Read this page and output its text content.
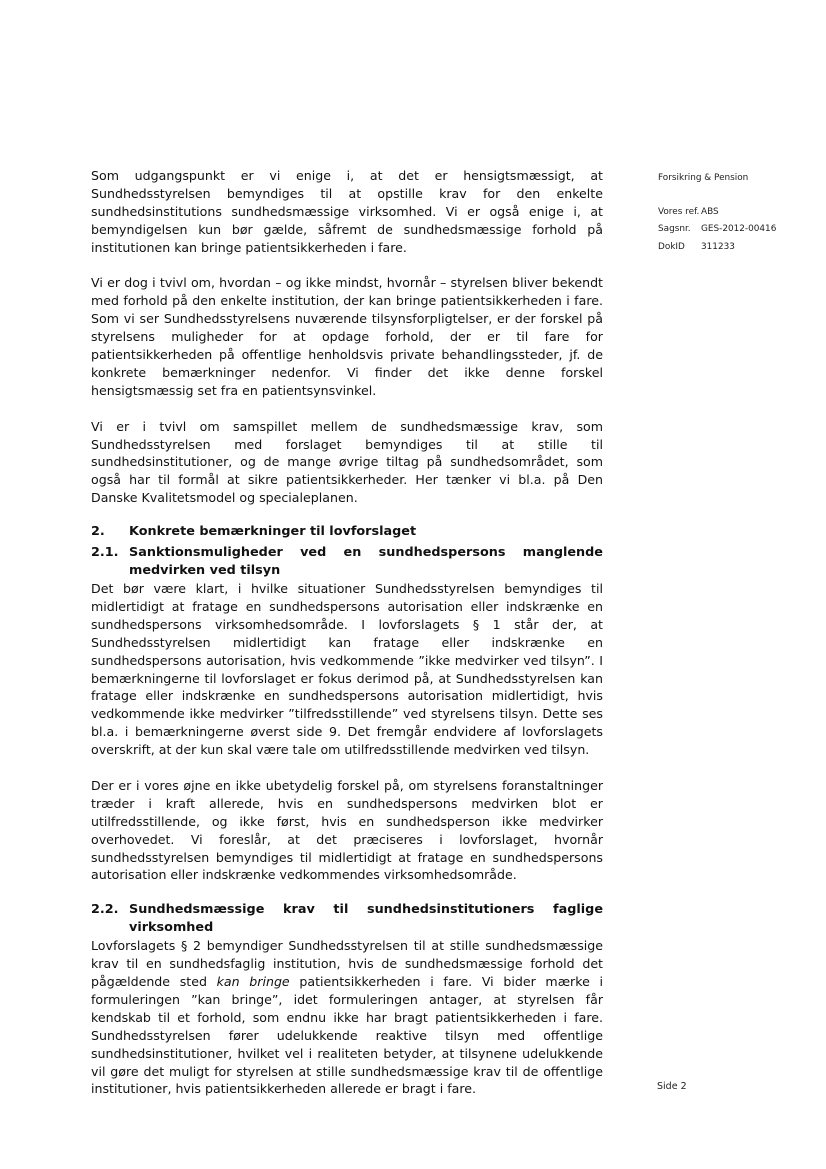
Som udgangspunkt er vi enige i, at det er hensigtsmæssigt, at Sundhedsstyrelsen bemyndiges til at opstille krav for den enkelte sundhedsinstitutions sundhedsmæssige virksomhed. Vi er også enige i, at bemyndigelsen kun bør gælde, såfremt de sundhedsmæssige forhold på institutionen kan bringe patientsikkerheden i fare.

Vi er dog i tvivl om, hvordan – og ikke mindst, hvornår – styrelsen bliver bekendt med forhold på den enkelte institution, der kan bringe patientsikkerheden i fare. Som vi ser Sundhedsstyrelsens nuværende tilsynsforpligtelser, er der forskel på styrelsens muligheder for at opdage forhold, der er til fare for patientsikkerheden på offentlige henholdsvis private behandlingssteder, jf. de konkrete bemærkninger nedenfor. Vi finder det ikke denne forskel hensigtsmæssig set fra en patientsynsvinkel.

Vi er i tvivl om samspillet mellem de sundhedsmæssige krav, som Sundhedsstyrelsen med forslaget bemyndiges til at stille til sundhedsinstitutioner, og de mange øvrige tiltag på sundhedsområdet, som også har til formål at sikre patientsikkerheder. Her tænker vi bl.a. på Den Danske Kvalitetsmodel og specialeplanen.

2.	Konkrete bemærkninger til lovforslaget
2.1. Sanktionsmuligheder ved en sundhedspersons manglende medvirken ved tilsyn

Det bør være klart, i hvilke situationer Sundhedsstyrelsen bemyndiges til midlertidigt at fratage en sundhedspersons autorisation eller indskrænke en sundhedspersons virksomhedsområde. I lovforslagets § 1 står der, at Sundhedsstyrelsen midlertidigt kan fratage eller indskrænke en sundhedspersons autorisation, hvis vedkommende ”ikke medvirker ved tilsyn”. I bemærkningerne til lovforslaget er fokus derimod på, at Sundhedsstyrelsen kan fratage eller indskrænke en sundhedspersons autorisation midlertidigt, hvis vedkommende ikke medvirker ”tilfredsstillende” ved styrelsens tilsyn. Dette ses bl.a. i bemærkningerne øverst side 9. Det fremgår endvidere af lovforslagets overskrift, at der kun skal være tale om utilfredsstillende medvirken ved tilsyn.

Der er i vores øjne en ikke ubetydelig forskel på, om styrelsens foranstaltninger træder i kraft allerede, hvis en sundhedspersons medvirken blot er utilfredsstillende, og ikke først, hvis en sundhedsperson ikke medvirker overhovedet. Vi foreslår, at det præciseres i lovforslaget, hvornår sundhedsstyrelsen bemyndiges til midlertidigt at fratage en sundhedspersons autorisation eller indskrænke vedkommendes virksomhedsområde.

2.2. Sundhedsmæssige krav til sundhedsinstitutioners faglige virksomhed

Lovforslagets § 2 bemyndiger Sundhedsstyrelsen til at stille sundhedsmæssige krav til en sundhedsfaglig institution, hvis de sundhedsmæssige forhold det pågældende sted kan bringe patientsikkerheden i fare. Vi bider mærke i formuleringen ”kan bringe”, idet formuleringen antager, at styrelsen får kendskab til et forhold, som endnu ikke har bragt patientsikkerheden i fare. Sundhedsstyrelsen fører udelukkende reaktive tilsyn med offentlige sundhedsinstitutioner, hvilket vel i realiteten betyder, at tilsynene udelukkende vil gøre det muligt for styrelsen at stille sundhedsmæssige krav til de offentlige institutioner, hvis patientsikkerheden allerede er bragt i fare.

Forsikring & Pension
Vores ref. ABS
Sagsnr.	GES-2012-00416
DokID	311233
Side 2
